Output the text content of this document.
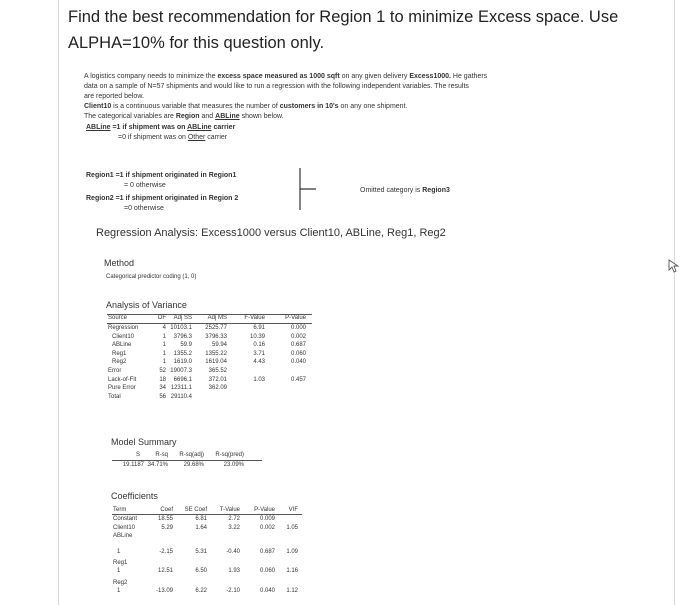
Find the best recommendation for Region 1 to minimize Excess space. Use
ALPHA=10% for this question only.
A logistics company needs to minimize the excess space measured as 1000 sqft on any given delivery Excess1000. He gathers
data on a sample of N=57 shipments and would like to run a regression with the following independent variables. The results
are reported below.
Client10 is a continuous variable that measures the number of customers in 10's on any one shipment.
The categorical variables are Region and ABLine shown below.
ABLine =1 if shipment was on ABLine carrier
=0 if shipment was on Other carrier
Region1 =1 if shipment originated in Region1
= 0 otherwise
Region2 =1 if shipment originated in Region 2
=0 otherwise
Omitted category is Region3
Regression Analysis: Excess1000 versus Client10, ABLine, Reg1, Reg2
Method
Categorical predictor coding (1, 0)
Analysis of Variance
Source	DF	Adj SS	Adj MS	F-Value	P-Value
Regression	4 10103.1	2525.77	6.91	0.000
Client10	1	3796.3	3796.33	10.39	0.002
ABLine	1	59.9	59.94	0.16	0.687
Reg1	1	1355.2	1355.22	3.71	0.060
Reg2	1	1619.0	1619.04	4.43	0.040
Error	52 19007.3	365.52
Lack-of-Fit	18	6696.1	372.01	1.03	0.457
Pure Error	34 12311.1	362.09
Total	56 29110.4
Model Summary
S	R-sq	R-sq(adj)	R-sq(pred)
19.1187 34.71%	29.68%	23.09%
Coefficients
Term	Coef	SE Coef	T-Value	P-Value	VIF
Constant	18.55	6.81	2.72	0.009
Client10	5.29	1.64	3.22	0.002	1.05
ABLine
1	-2.15	5.31	-0.40	0.687	1.09
Reg1
1	12.51	6.50	1.93	0.060	1.16
Reg2
1	-13.09	6.22	-2.10	0.040	1.12
